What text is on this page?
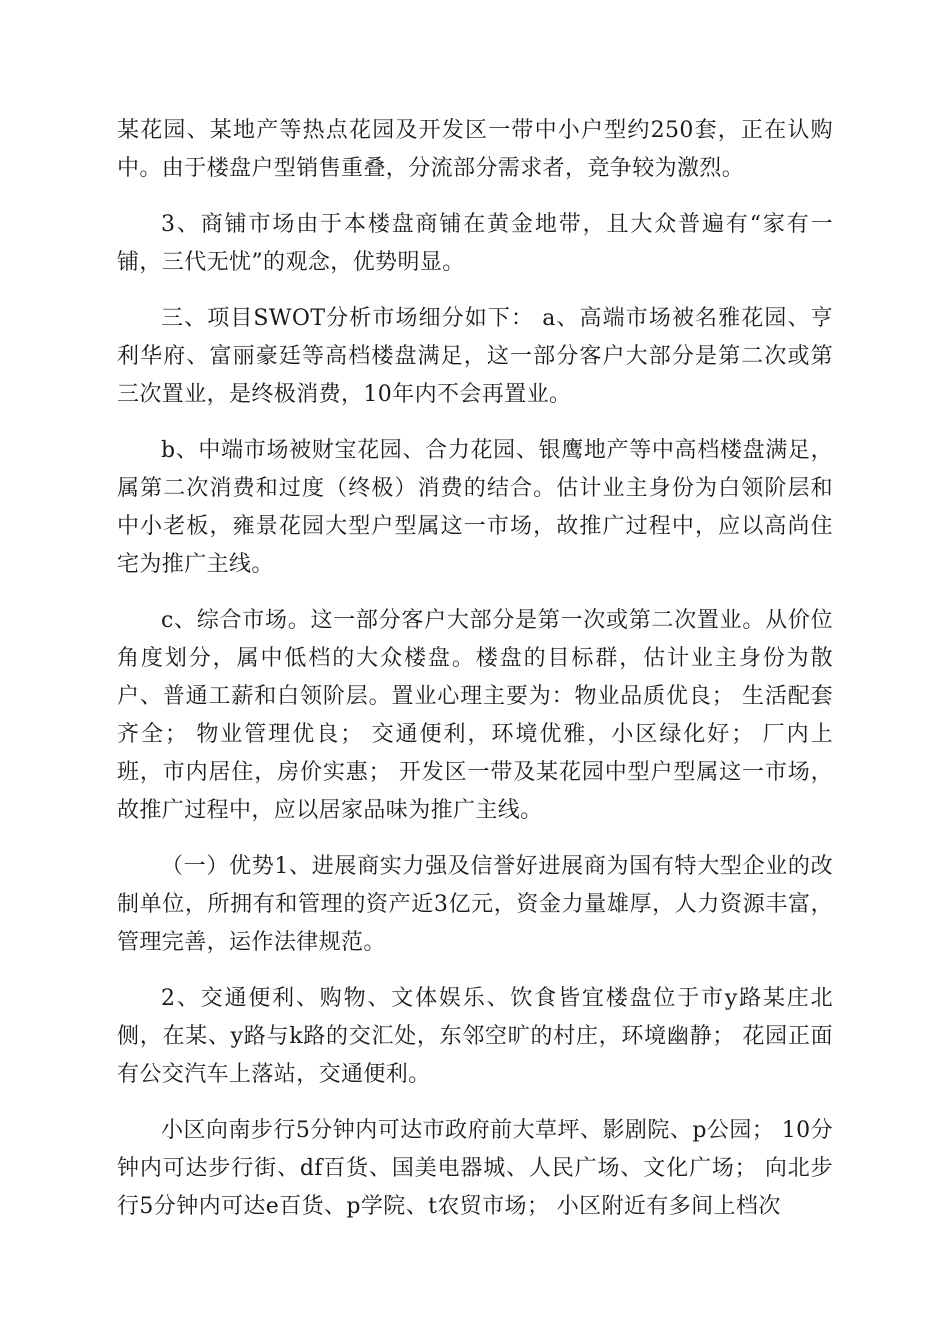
某花园、某地产等热点花园及开发区一带中小户型约250套，正在认购中。由于楼盘户型销售重叠，分流部分需求者，竞争较为激烈。

3、商铺市场由于本楼盘商铺在黄金地带，且大众普遍有“家有一铺，三代无忧”的观念，优势明显。

三、项目SWOT分析市场细分如下： a、高端市场被名雅花园、亨利华府、富丽豪廷等高档楼盘满足，这一部分客户大部分是第二次或第三次置业，是终极消费，10年内不会再置业。

b、中端市场被财宝花园、合力花园、银鹰地产等中高档楼盘满足，属第二次消费和过度（终极）消费的结合。估计业主身份为白领阶层和中小老板，雍景花园大型户型属这一市场，故推广过程中，应以高尚住宅为推广主线。

c、综合市场。这一部分客户大部分是第一次或第二次置业。从价位角度划分，属中低档的大众楼盘。楼盘的目标群，估计业主身份为散户、普通工薪和白领阶层。置业心理主要为：物业品质优良； 生活配套齐全； 物业管理优良； 交通便利，环境优雅，小区绿化好； 厂内上班，市内居住，房价实惠； 开发区一带及某花园中型户型属这一市场，故推广过程中，应以居家品味为推广主线。

（一）优势1、进展商实力强及信誉好进展商为国有特大型企业的改制单位，所拥有和管理的资产近3亿元，资金力量雄厚，人力资源丰富，管理完善，运作法律规范。

2、交通便利、购物、文体娱乐、饮食皆宜楼盘位于市y路某庄北侧，在某、y路与k路的交汇处，东邻空旷的村庄，环境幽静； 花园正面有公交汽车上落站，交通便利。

小区向南步行5分钟内可达市政府前大草坪、影剧院、p公园； 10分钟内可达步行街、df百货、国美电器城、人民广场、文化广场； 向北步行5分钟内可达e百货、p学院、t农贸市场； 小区附近有多间上档次
